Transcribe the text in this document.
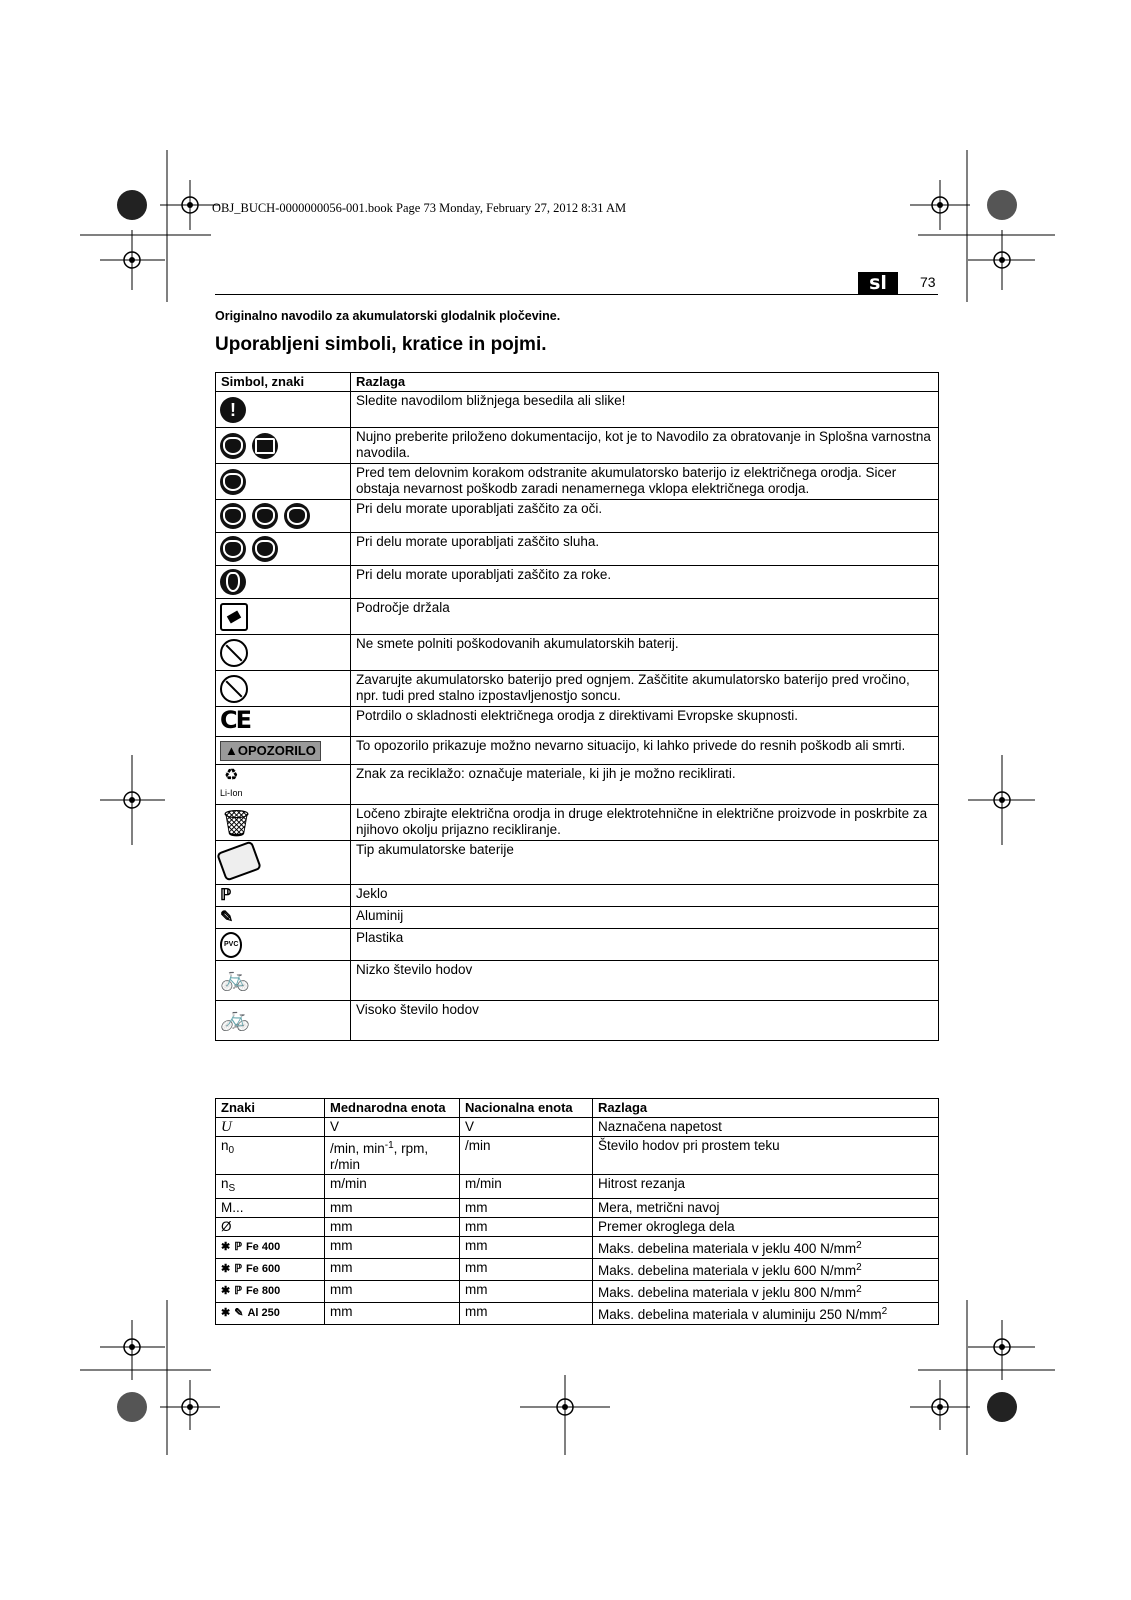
OBJ_BUCH-0000000056-001.book Page 73 Monday, February 27, 2012 8:31 AM
sl	73
Originalno navodilo za akumulatorski glodalnik pločevine.
Uporabljeni simboli, kratice in pojmi.
Simbol, znaki	Razlaga

!	Sledite navodilom bližnjega besedila ali slike!

	Nujno preberite priloženo dokumentacijo, kot je to Navodilo za obratovanje in Splošna varnostna navodila.

	Pred tem delovnim korakom odstranite akumulatorsko baterijo iz električnega orodja. Sicer obstaja nevarnost poškodb zaradi nenamernega vklopa električnega orodja.

	Pri delu morate uporabljati zaščito za oči.

	Pri delu morate uporabljati zaščito sluha.

	Pri delu morate uporabljati zaščito za roke.

	Področje držala

	Ne smete polniti poškodovanih akumulatorskih baterij.

	Zavarujte akumulatorsko baterijo pred ognjem. Zaščitite akumulatorsko baterijo pred vročino, npr. tudi pred stalno izpostavljenostjo soncu.
CE	Potrdilo o skladnosti električnega orodja z direktivami Evropske skupnosti.
▲OPOZORILO	To opozorilo prikazuje možno nevarno situacijo, ki lahko privede do resnih poškodb ali smrti.
♻
Li-Ion	Znak za reciklažo: označuje materiale, ki jih je možno reciklirati.
🗑	Ločeno zbirajte električna orodja in druge elektrotehnične in električne proizvode in poskrbite za njihovo okolju prijazno recikliranje.
	Tip akumulatorske baterije
ℙ	Jeklo
✎	Aluminij
PVC	Plastika
🚲	Nizko število hodov
🚲	Visoko število hodov
Znaki	Mednarodna enota	Nacionalna enota	Razlaga
U	V	V	Naznačena napetost
$n_0$	/min, $\min^{-1}$, rpm, r/min	/min	Število hodov pri prostem teku
$n_S$	m/min	m/min	Hitrost rezanja
M...	mm	mm	Mera, metrični navoj
Ø	mm	mm	Premer okroglega dela

✱ ℙ Fe 400	mm	mm	Maks. debelina materiala v jeklu 400 $N/mm^2$

✱ ℙ Fe 600	mm	mm	Maks. debelina materiala v jeklu 600 $N/mm^2$

✱ ℙ Fe 800	mm	mm	Maks. debelina materiala v jeklu 800 $N/mm^2$

✱ ✎ Al 250	mm	mm	Maks. debelina materiala v aluminiju 250 $N/mm^2$
